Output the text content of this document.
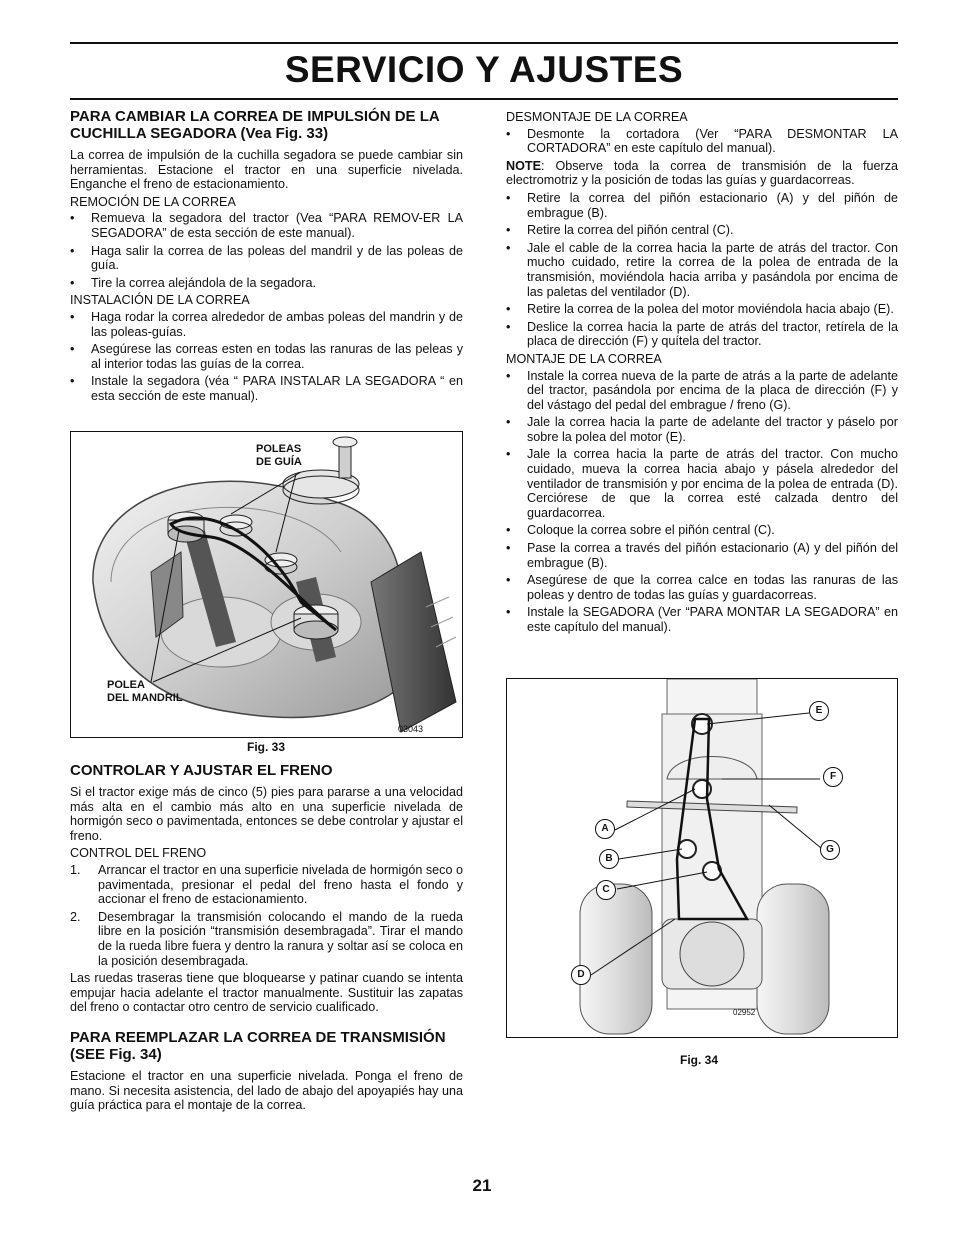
SERVICIO Y AJUSTES
PARA CAMBIAR LA CORREA DE IMPULSIÓN DE LA CUCHILLA SEGADORA (Vea Fig. 33)

La correa de impulsión de la cuchilla segadora se puede cambiar sin herramientas. Estacione el tractor en una superficie nivelada. Enganche el freno de estacionamiento.

REMOCIÓN DE LA CORREA
• Remueva la segadora del tractor (Vea “PARA REMOV-ER LA SEGADORA” de esta sección de este manual).
• Haga salir la correa de las poleas del mandril y de las poleas de guía.
• Tire la correa alejándola de la segadora.
INSTALACIÓN DE LA CORREA
• Haga rodar la correa alrededor de ambas poleas del mandrin y de las poleas-guías.
• Asegúrese las correas esten en todas las ranuras de las peleas y al interior todas las guías de la correa.
• Instale la segadora (véa “ PARA INSTALAR LA SEGADORA “ en esta sección de este manual).
POLEAS
DE GUÍA
POLEA
DEL MANDRIL
03043
Fig. 33
CONTROLAR Y AJUSTAR EL FRENO

Si el tractor exige más de cinco (5) pies para pararse a una velocidad más alta en el cambio más alto en una superficie nivelada de hormigón seco o pavimentada, entonces se debe controlar y ajustar el freno.

CONTROL DEL FRENO
1. Arrancar el tractor en una superficie nivelada de hormigón seco o pavimentada, presionar el pedal del freno hasta el fondo y accionar el freno de estacionamiento.
2. Desembragar la transmisión colocando el mando de la rueda libre en la posición “transmisión desembragada”. Tirar el mando de la rueda libre fuera y dentro la ranura y soltar así se coloca en la posición desembragada.

Las ruedas traseras tiene que bloquearse y patinar cuando se intenta empujar hacia adelante el tractor manualmente. Sustituir las zapatas del freno o contactar otro centro de servicio cualificado.

PARA REEMPLAZAR LA CORREA DE TRANSMISIÓN (SEE Fig. 34)

Estacione el tractor en una superficie nivelada. Ponga el freno de mano. Si necesita asistencia, del lado de abajo del apoyapiés hay una guía práctica para el montaje de la correa.

DESMONTAJE DE LA CORREA
• Desmonte la cortadora (Ver “PARA DESMONTAR LA CORTADORA” en este capítulo del manual).

NOTE: Observe toda la correa de transmisión de la fuerza electromotriz y la posición de todas las guías y guardacorreas.

• Retire la correa del piñón estacionario (A) y del piñón de embrague (B).
• Retire la correa del piñón central (C).
• Jale el cable de la correa hacia la parte de atrás del tractor. Con mucho cuidado, retire la correa de la polea de entrada de la transmisión, moviéndola hacia arriba y pasándola por encima de las paletas del ventilador (D).
• Retire la correa de la polea del motor moviéndola hacia abajo (E).
• Deslice la correa hacia la parte de atrás del tractor, retírela de la placa de dirección (F) y quítela del tractor.
MONTAJE DE LA CORREA
• Instale la correa nueva de la parte de atrás a la parte de adelante del tractor, pasándola por encima de la placa de dirección (F) y del vástago del pedal del embrague / freno (G).
• Jale la correa hacia la parte de adelante del tractor y páselo por sobre la polea del motor (E).
• Jale la correa hacia la parte de atrás del tractor. Con mucho cuidado, mueva la correa hacia abajo y pásela alrededor del ventilador de transmisión y por encima de la polea de entrada (D). Cerciórese de que la correa esté calzada dentro del guardacorrea.
• Coloque la correa sobre el piñón central (C).
• Pase la correa a través del piñón estacionario (A) y del piñón del embrague (B).
• Asegúrese de que la correa calce en todas las ranuras de las poleas y dentro de todas las guías y guardacorreas.
• Instale la SEGADORA (Ver “PARA MONTAR LA SEGADORA” en este capítulo del manual).
A
B
C
D
E
F
G
02952
Fig. 34
21
